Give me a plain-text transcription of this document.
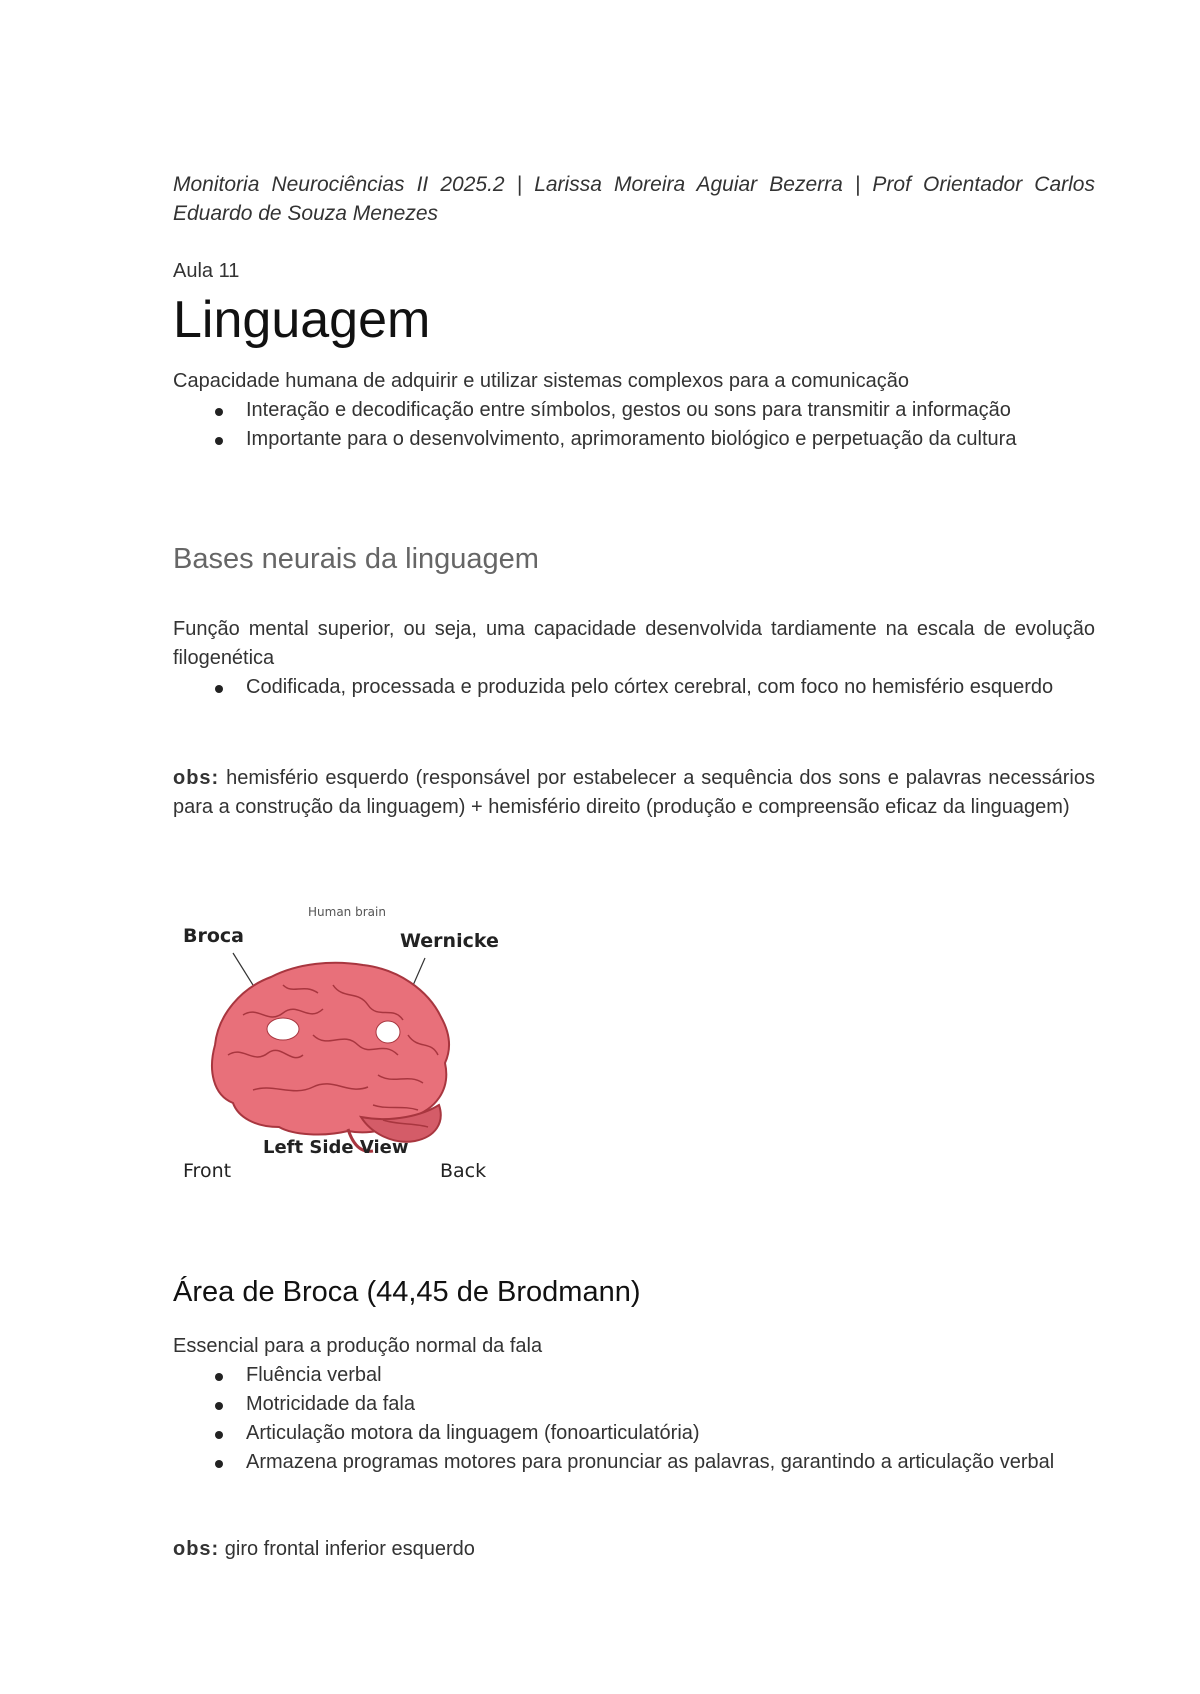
Monitoria Neurociências II 2025.2 | Larissa Moreira Aguiar Bezerra | Prof Orientador Carlos Eduardo de Souza Menezes
Aula 11
Linguagem
Capacidade humana de adquirir e utilizar sistemas complexos para a comunicação
Interação e decodificação entre símbolos, gestos ou sons para transmitir a informação
Importante para o desenvolvimento, aprimoramento biológico e perpetuação da cultura
Bases neurais da linguagem
Função mental superior, ou seja, uma capacidade desenvolvida tardiamente na escala de evolução filogenética
Codificada, processada e produzida pelo córtex cerebral, com foco no hemisfério esquerdo
obs: hemisfério esquerdo (responsável por estabelecer a sequência dos sons e palavras necessários para a construção da linguagem) + hemisfério direito (produção e compreensão eficaz da linguagem)
Human brain
Broca	Wernicke
Left Side View
Front	Back
Área de Broca (44,45 de Brodmann)
Essencial para a produção normal da fala
Fluência verbal
Motricidade da fala
Articulação motora da linguagem (fonoarticulatória)
Armazena programas motores para pronunciar as palavras, garantindo a articulação verbal
obs: giro frontal inferior esquerdo
